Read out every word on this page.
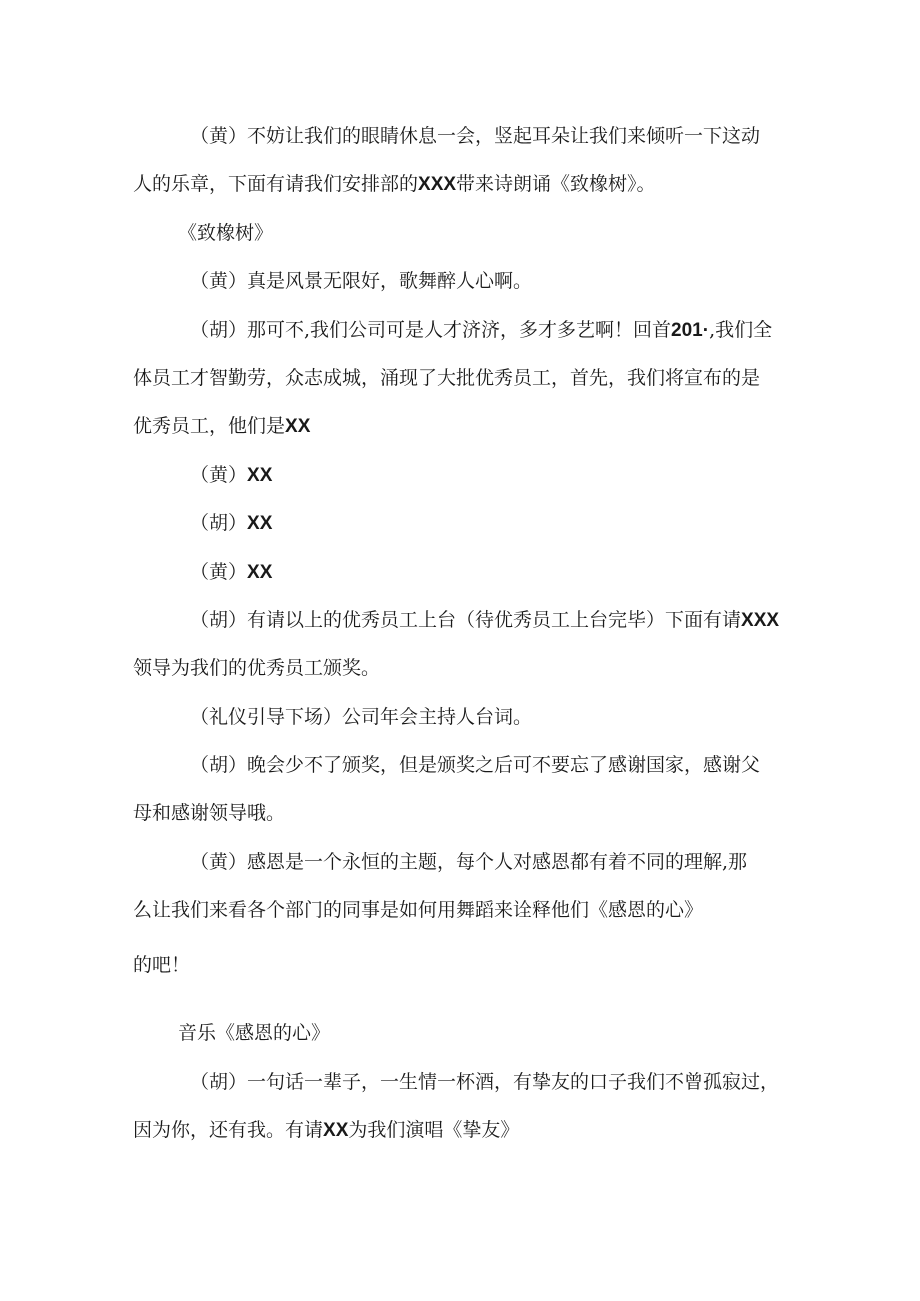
（黄）不妨让我们的眼睛休息一会，竖起耳朵让我们来倾听一下这动
人的乐章，下面有请我们安排部的XXX带来诗朗诵《致橡树》。
《致橡树》
（黄）真是风景无限好，歌舞醉人心啊。
（胡）那可不,我们公司可是人才济济，多才多艺啊！回首201·,我们全
体员工才智勤劳，众志成城，涌现了大批优秀员工，首先，我们将宣布的是
优秀员工，他们是XX
（黄）XX
（胡）XX
（黄）XX
（胡）有请以上的优秀员工上台（待优秀员工上台完毕）下面有请XXX
领导为我们的优秀员工颁奖。
（礼仪引导下场）公司年会主持人台词。
（胡）晚会少不了颁奖，但是颁奖之后可不要忘了感谢国家，感谢父
母和感谢领导哦。
（黄）感恩是一个永恒的主题，每个人对感恩都有着不同的理解,那
么让我们来看各个部门的同事是如何用舞蹈来诠释他们《感恩的心》
的吧！
音乐《感恩的心》
（胡）一句话一辈子，一生情一杯酒，有挚友的口子我们不曾孤寂过，
因为你，还有我。有请XX为我们演唱《挚友》
